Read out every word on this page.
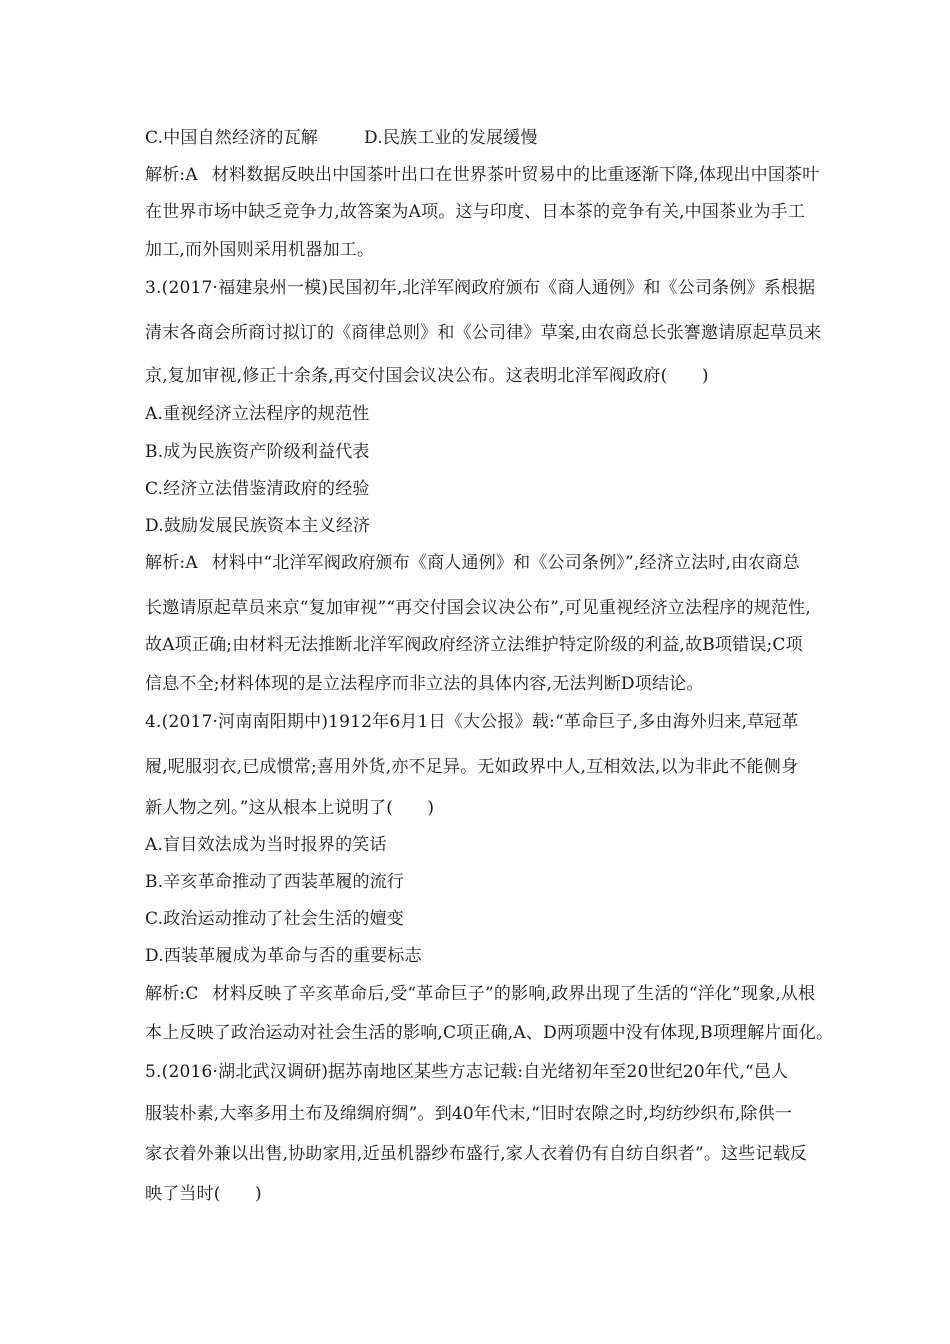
C.中国自然经济的瓦解	D.民族工业的发展缓慢
解析:A 材料数据反映出中国茶叶出口在世界茶叶贸易中的比重逐渐下降,体现出中国茶叶
在世界市场中缺乏竞争力,故答案为A项。这与印度、日本茶的竞争有关,中国茶业为手工
加工,而外国则采用机器加工。
3.(2017·福建泉州一模)民国初年,北洋军阀政府颁布《商人通例》和《公司条例》系根据
清末各商会所商讨拟订的《商律总则》和《公司律》草案,由农商总长张謇邀请原起草员来
京,复加审视,修正十余条,再交付国会议决公布。这表明北洋军阀政府(　　)
A.重视经济立法程序的规范性
B.成为民族资产阶级利益代表
C.经济立法借鉴清政府的经验
D.鼓励发展民族资本主义经济
解析:A 材料中“北洋军阀政府颁布《商人通例》和《公司条例》”,经济立法时,由农商总
长邀请原起草员来京“复加审视”“再交付国会议决公布”,可见重视经济立法程序的规范性,
故A项正确;由材料无法推断北洋军阀政府经济立法维护特定阶级的利益,故B项错误;C项
信息不全;材料体现的是立法程序而非立法的具体内容,无法判断D项结论。
4.(2017·河南南阳期中)1912年6月1日《大公报》载:“革命巨子,多由海外归来,草冠革
履,呢服羽衣,已成惯常;喜用外货,亦不足异。无如政界中人,互相效法,以为非此不能侧身
新人物之列。”这从根本上说明了(　　)
A.盲目效法成为当时报界的笑话
B.辛亥革命推动了西装革履的流行
C.政治运动推动了社会生活的嬗变
D.西装革履成为革命与否的重要标志
解析:C 材料反映了辛亥革命后,受“革命巨子”的影响,政界出现了生活的“洋化”现象,从根
本上反映了政治运动对社会生活的影响,C项正确,A、D两项题中没有体现,B项理解片面化。
5.(2016·湖北武汉调研)据苏南地区某些方志记载:自光绪初年至20世纪20年代,“邑人
服装朴素,大率多用土布及绵绸府绸”。到40年代末,“旧时农隙之时,均纺纱织布,除供一
家衣着外兼以出售,协助家用,近虽机器纱布盛行,家人衣着仍有自纺自织者”。这些记载反
映了当时(　　)
